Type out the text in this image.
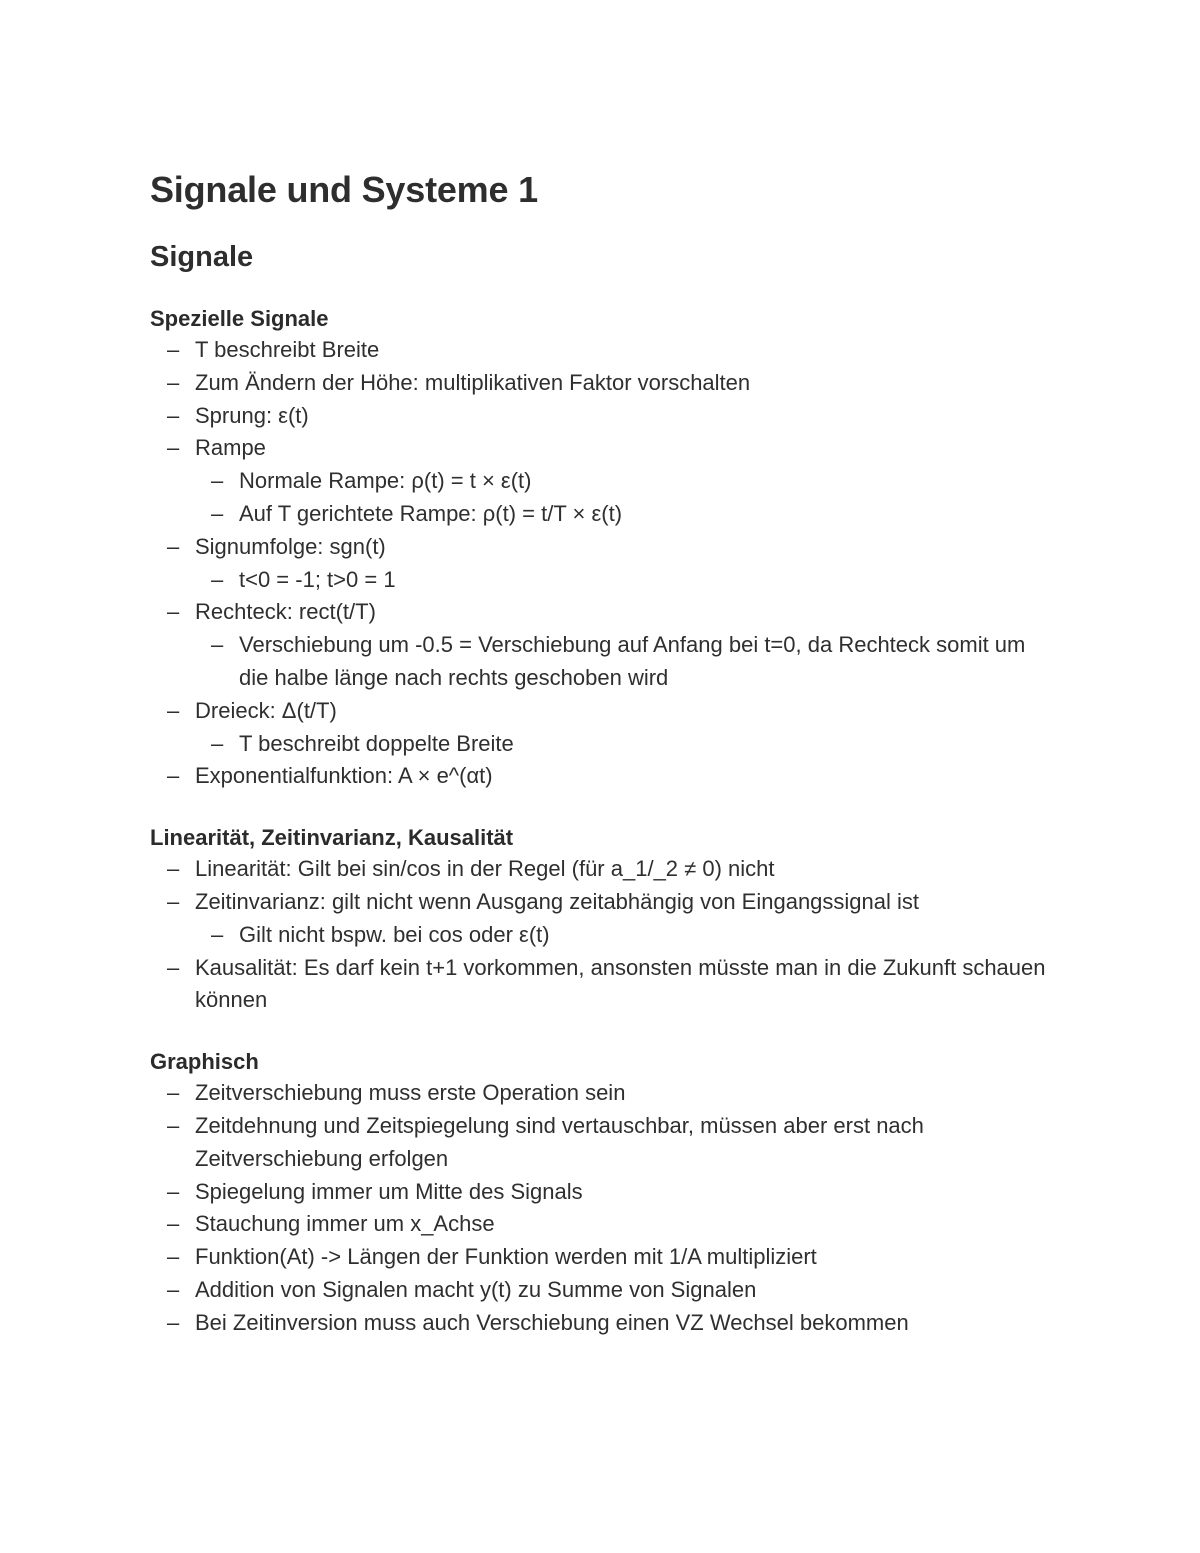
Signale und Systeme 1
Signale
Spezielle Signale
– T beschreibt Breite
– Zum Ändern der Höhe: multiplikativen Faktor vorschalten
– Sprung: ε(t)
– Rampe
– Normale Rampe: ρ(t) = t × ε(t)
– Auf T gerichtete Rampe: ρ(t) = t/T × ε(t)
– Signumfolge: sgn(t)
– t<0 = -1; t>0 = 1
– Rechteck: rect(t/T)
– Verschiebung um -0.5 = Verschiebung auf Anfang bei t=0, da Rechteck somit um die halbe länge nach rechts geschoben wird
– Dreieck: Δ(t/T)
– T beschreibt doppelte Breite
– Exponentialfunktion: A × e^(αt)
Linearität, Zeitinvarianz, Kausalität
– Linearität: Gilt bei sin/cos in der Regel (für a_1/_2 ≠ 0) nicht
– Zeitinvarianz: gilt nicht wenn Ausgang zeitabhängig von Eingangssignal ist
– Gilt nicht bspw. bei cos oder ε(t)
– Kausalität: Es darf kein t+1 vorkommen, ansonsten müsste man in die Zukunft schauen können
Graphisch
– Zeitverschiebung muss erste Operation sein
– Zeitdehnung und Zeitspiegelung sind vertauschbar, müssen aber erst nach Zeitverschiebung erfolgen
– Spiegelung immer um Mitte des Signals
– Stauchung immer um x_Achse
– Funktion(At) -> Längen der Funktion werden mit 1/A multipliziert
– Addition von Signalen macht y(t) zu Summe von Signalen
– Bei Zeitinversion muss auch Verschiebung einen VZ Wechsel bekommen
